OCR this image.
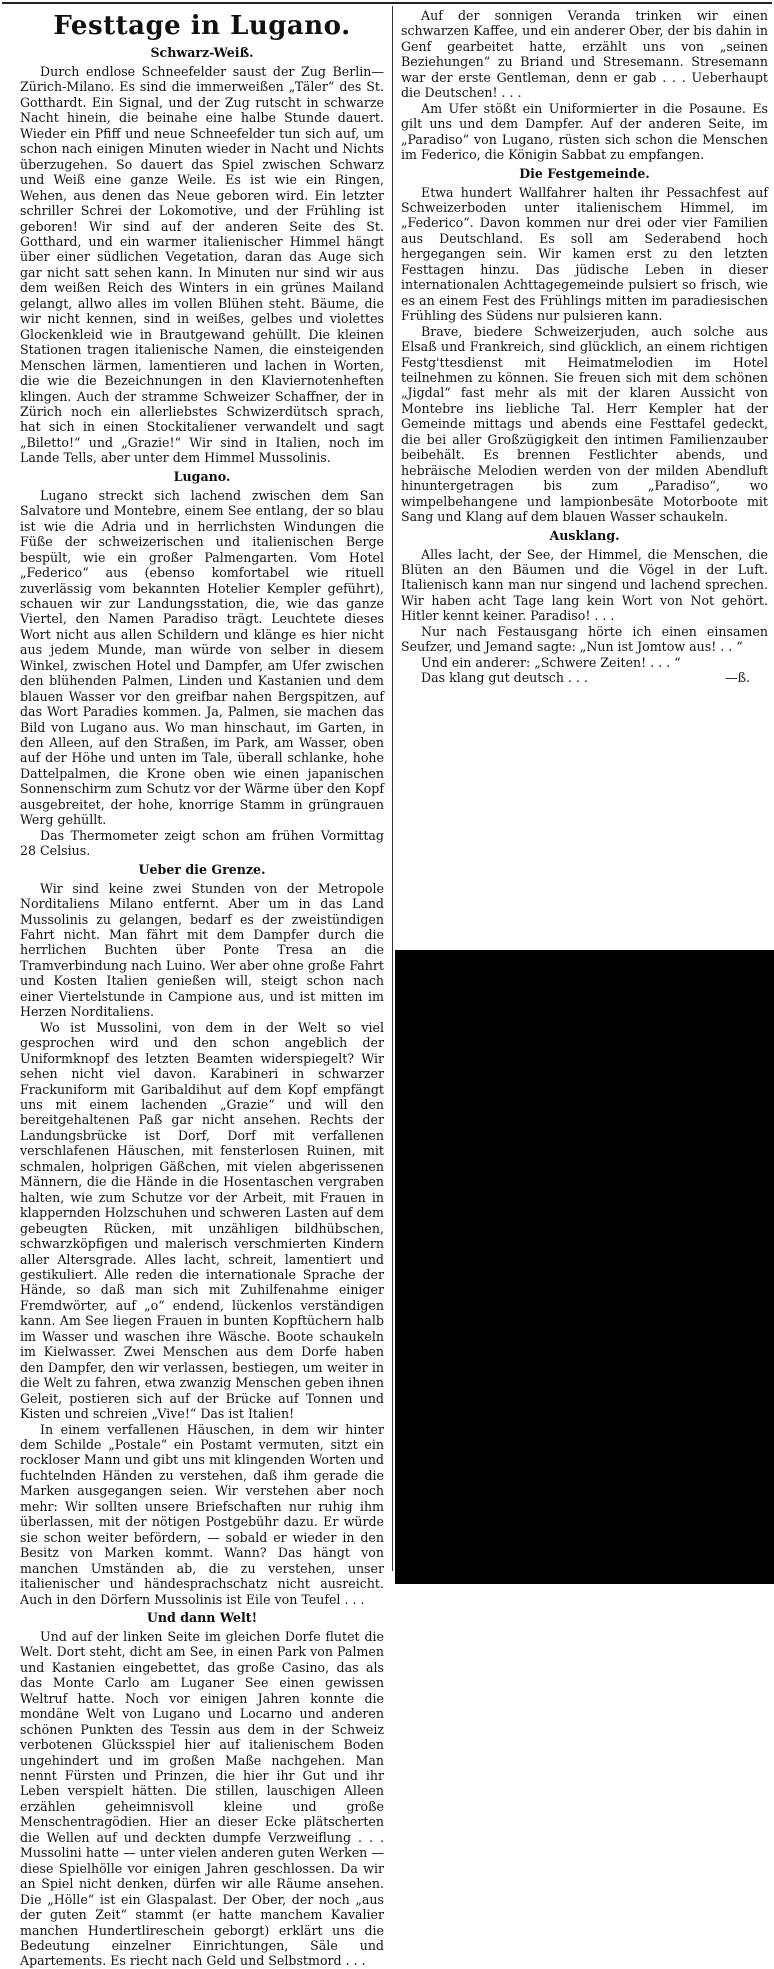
Festtage in Lugano.
Schwarz-Weiß.

Durch endlose Schneefelder saust der Zug Berlin—Zürich-Milano. Es sind die immerweißen „Täler“ des St. Gotthardt. Ein Signal, und der Zug rutscht in schwarze Nacht hinein, die beinahe eine halbe Stunde dauert. Wieder ein Pfiff und neue Schneefelder tun sich auf, um schon nach einigen Minuten wieder in Nacht und Nichts überzugehen. So dauert das Spiel zwischen Schwarz und Weiß eine ganze Weile. Es ist wie ein Ringen, Wehen, aus denen das Neue geboren wird. Ein letzter schriller Schrei der Lokomotive, und der Frühling ist geboren! Wir sind auf der anderen Seite des St. Gotthard, und ein warmer italienischer Himmel hängt über einer südlichen Vegetation, daran das Auge sich gar nicht satt sehen kann. In Minuten nur sind wir aus dem weißen Reich des Winters in ein grünes Mailand gelangt, allwo alles im vollen Blühen steht. Bäume, die wir nicht kennen, sind in weißes, gelbes und violettes Glockenkleid wie in Brautgewand gehüllt. Die kleinen Stationen tragen italienische Namen, die einsteigenden Menschen lärmen, lamentieren und lachen in Worten, die wie die Bezeichnungen in den Klaviernotenheften klingen. Auch der stramme Schweizer Schaffner, der in Zürich noch ein allerliebstes Schwizerdütsch sprach, hat sich in einen Stockitaliener verwandelt und sagt „Biletto!“ und „Grazie!“ Wir sind in Italien, noch im Lande Tells, aber unter dem Himmel Mussolinis.

Lugano.

Lugano streckt sich lachend zwischen dem San Salvatore und Montebre, einem See entlang, der so blau ist wie die Adria und in herrlichsten Windungen die Füße der schweizerischen und italienischen Berge bespült, wie ein großer Palmengarten. Vom Hotel „Federico“ aus (ebenso komfortabel wie rituell zuverlässig vom bekannten Hotelier Kempler geführt), schauen wir zur Landungsstation, die, wie das ganze Viertel, den Namen Paradiso trägt. Leuchtete dieses Wort nicht aus allen Schildern und klänge es hier nicht aus jedem Munde, man würde von selber in diesem Winkel, zwischen Hotel und Dampfer, am Ufer zwischen den blühenden Palmen, Linden und Kastanien und dem blauen Wasser vor den greifbar nahen Bergspitzen, auf das Wort Paradies kommen. Ja, Palmen, sie machen das Bild von Lugano aus. Wo man hinschaut, im Garten, in den Alleen, auf den Straßen, im Park, am Wasser, oben auf der Höhe und unten im Tale, überall schlanke, hohe Dattelpalmen, die Krone oben wie einen japanischen Sonnenschirm zum Schutz vor der Wärme über den Kopf ausgebreitet, der hohe, knorrige Stamm in grüngrauen Werg gehüllt.

Das Thermometer zeigt schon am frühen Vormittag 28 Celsius.

Ueber die Grenze.

Wir sind keine zwei Stunden von der Metropole Norditaliens Milano entfernt. Aber um in das Land Mussolinis zu gelangen, bedarf es der zweistündigen Fahrt nicht. Man fährt mit dem Dampfer durch die herrlichen Buchten über Ponte Tresa an die Tramverbindung nach Luino. Wer aber ohne große Fahrt und Kosten Italien genießen will, steigt schon nach einer Viertelstunde in Campione aus, und ist mitten im Herzen Norditaliens.

Wo ist Mussolini, von dem in der Welt so viel gesprochen wird und den schon angeblich der Uniformknopf des letzten Beamten widerspiegelt? Wir sehen nicht viel davon. Karabineri in schwarzer Frackuniform mit Garibaldihut auf dem Kopf empfängt uns mit einem lachenden „Grazie“ und will den bereitgehaltenen Paß gar nicht ansehen. Rechts der Landungsbrücke ist Dorf, Dorf mit verfallenen verschlafenen Häuschen, mit fensterlosen Ruinen, mit schmalen, holprigen Gäßchen, mit vielen abgerissenen Männern, die die Hände in die Hosentaschen vergraben halten, wie zum Schutze vor der Arbeit, mit Frauen in klappernden Holzschuhen und schweren Lasten auf dem gebeugten Rücken, mit unzähligen bildhübschen, schwarzköpfigen und malerisch verschmierten Kindern aller Altersgrade. Alles lacht, schreit, lamentiert und gestikuliert. Alle reden die internationale Sprache der Hände, so daß man sich mit Zuhilfenahme einiger Fremdwörter, auf „o“ endend, lückenlos verständigen kann. Am See liegen Frauen in bunten Kopftüchern halb im Wasser und waschen ihre Wäsche. Boote schaukeln im Kielwasser. Zwei Menschen aus dem Dorfe haben den Dampfer, den wir verlassen, bestiegen, um weiter in die Welt zu fahren, etwa zwanzig Menschen geben ihnen Geleit, postieren sich auf der Brücke auf Tonnen und Kisten und schreien „Vive!“ Das ist Italien!

In einem verfallenen Häuschen, in dem wir hinter dem Schilde „Postale“ ein Postamt vermuten, sitzt ein rockloser Mann und gibt uns mit klingenden Worten und fuchtelnden Händen zu verstehen, daß ihm gerade die Marken ausgegangen seien. Wir verstehen aber noch mehr: Wir sollten unsere Briefschaften nur ruhig ihm überlassen, mit der nötigen Postgebühr dazu. Er würde sie schon weiter befördern, — sobald er wieder in den Besitz von Marken kommt. Wann? Das hängt von manchen Umständen ab, die zu verstehen, unser italienischer und händesprachschatz nicht ausreicht. Auch in den Dörfern Mussolinis ist Eile von Teufel . . .

Und dann Welt!

Und auf der linken Seite im gleichen Dorfe flutet die Welt. Dort steht, dicht am See, in einen Park von Palmen und Kastanien eingebettet, das große Casino, das als das Monte Carlo am Luganer See einen gewissen Weltruf hatte. Noch vor einigen Jahren konnte die mondäne Welt von Lugano und Locarno und anderen schönen Punkten des Tessin aus dem in der Schweiz verbotenen Glücksspiel hier auf italienischem Boden ungehindert und im großen Maße nachgehen. Man nennt Fürsten und Prinzen, die hier ihr Gut und ihr Leben verspielt hätten. Die stillen, lauschigen Alleen erzählen geheimnisvoll kleine und große Menschentragödien. Hier an dieser Ecke plätscherten die Wellen auf und deckten dumpfe Verzweiflung . . . Mussolini hatte — unter vielen anderen guten Werken — diese Spielhölle vor einigen Jahren geschlossen. Da wir an Spiel nicht denken, dürfen wir alle Räume ansehen. Die „Hölle“ ist ein Glaspalast. Der Ober, der noch „aus der guten Zeit“ stammt (er hatte manchem Kavalier manchen Hundertlireschein geborgt) erklärt uns die Bedeutung einzelner Einrichtungen, Säle und Apartements. Es riecht nach Geld und Selbstmord . . .

Auf der sonnigen Veranda trinken wir einen schwarzen Kaffee, und ein anderer Ober, der bis dahin in Genf gearbeitet hatte, erzählt uns von „seinen Beziehungen“ zu Briand und Stresemann. Stresemann war der erste Gentleman, denn er gab . . . Ueberhaupt die Deutschen! . . .

Am Ufer stößt ein Uniformierter in die Posaune. Es gilt uns und dem Dampfer. Auf der anderen Seite, im „Paradiso“ von Lugano, rüsten sich schon die Menschen im Federico, die Königin Sabbat zu empfangen.

Die Festgemeinde.

Etwa hundert Wallfahrer halten ihr Pessachfest auf Schweizerboden unter italienischem Himmel, im „Federico“. Davon kommen nur drei oder vier Familien aus Deutschland. Es soll am Sederabend hoch hergegangen sein. Wir kamen erst zu den letzten Festtagen hinzu. Das jüdische Leben in dieser internationalen Achttagegemeinde pulsiert so frisch, wie es an einem Fest des Frühlings mitten im paradiesischen Frühling des Südens nur pulsieren kann.

Brave, biedere Schweizerjuden, auch solche aus Elsaß und Frankreich, sind glücklich, an einem richtigen Festg'ttesdienst mit Heimatmelodien im Hotel teilnehmen zu können. Sie freuen sich mit dem schönen „Jigdal“ fast mehr als mit der klaren Aussicht von Montebre ins liebliche Tal. Herr Kempler hat der Gemeinde mittags und abends eine Festtafel gedeckt, die bei aller Großzügigkeit den intimen Familienzauber beibehält. Es brennen Festlichter abends, und hebräische Melodien werden von der milden Abendluft hinuntergetragen bis zum „Paradiso“, wo wimpelbehangene und lampionbesäte Motorboote mit Sang und Klang auf dem blauen Wasser schaukeln.

Ausklang.

Alles lacht, der See, der Himmel, die Menschen, die Blüten an den Bäumen und die Vögel in der Luft. Italienisch kann man nur singend und lachend sprechen. Wir haben acht Tage lang kein Wort von Not gehört. Hitler kennt keiner. Paradiso! . . .

Nur nach Festausgang hörte ich einen einsamen Seufzer, und Jemand sagte: „Nun ist Jomtow aus! . . “

Und ein anderer: „Schwere Zeiten! . . . “

Das klang gut deutsch . . .	—ß.
